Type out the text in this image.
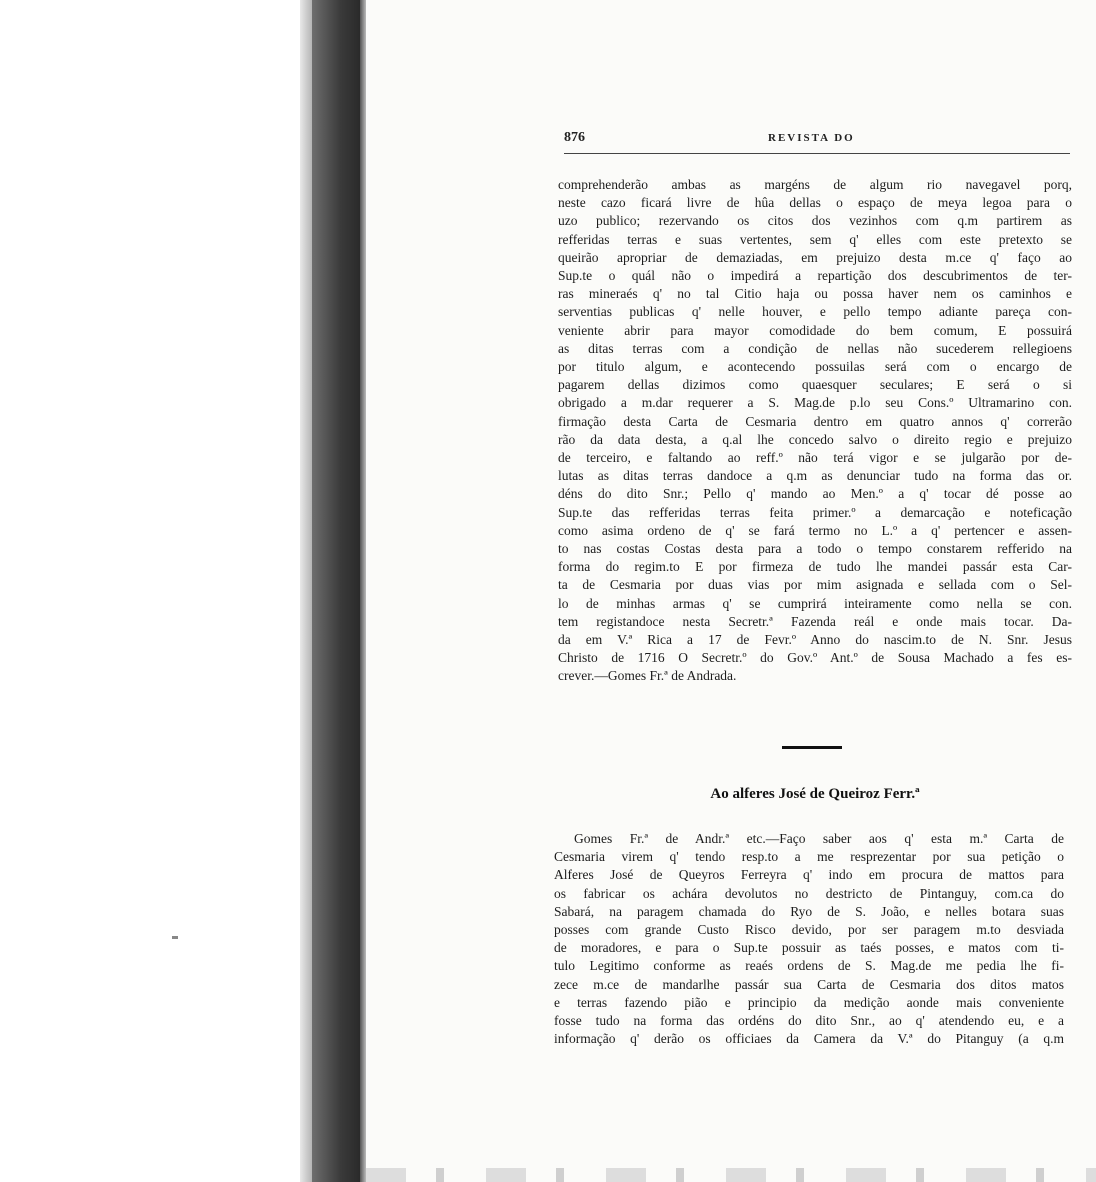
876	REVISTA DO
comprehenderão ambas as margéns de algum rio navegavel porq,
neste cazo ficará livre de hûa dellas o espaço de meya legoa para o
uzo publico; rezervando os citos dos vezinhos com q.m partirem as
refferidas terras e suas vertentes, sem q' elles com este pretexto se
queirão apropriar de demaziadas, em prejuizo desta m.ce q' faço ao
Sup.te o quál não o impedirá a repartição dos descubrimentos de ter-
ras mineraés q' no tal Citio haja ou possa haver nem os caminhos e
serventias publicas q' nelle houver, e pello tempo adiante pareça con-
veniente abrir para mayor comodidade do bem comum, E possuirá
as ditas terras com a condição de nellas não sucederem rellegioens
por titulo algum, e acontecendo possuilas será com o encargo de
pagarem dellas dizimos como quaesquer seculares; E será o si
obrigado a m.dar requerer a S. Mag.de p.lo seu Cons.º Ultramarino con.
firmação desta Carta de Cesmaria dentro em quatro annos q' correrão
rão da data desta, a q.al lhe concedo salvo o direito regio e prejuizo
de terceiro, e faltando ao reff.º não terá vigor e se julgarão por de-
lutas as ditas terras dandoce a q.m as denunciar tudo na forma das or.
déns do dito Snr.; Pello q' mando ao Men.º a q' tocar dé posse ao
Sup.te das refferidas terras feita primer.º a demarcação e noteficação
como asima ordeno de q' se fará termo no L.º a q' pertencer e assen-
to nas costas Costas desta para a todo o tempo constarem refferido na
forma do regim.to E por firmeza de tudo lhe mandei passár esta Car-
ta de Cesmaria por duas vias por mim asignada e sellada com o Sel-
lo de minhas armas q' se cumprirá inteiramente como nella se con.
tem registandoce nesta Secretr.ª Fazenda reál e onde mais tocar. Da-
da em V.ª Rica a 17 de Fevr.º Anno do nascim.to de N. Snr. Jesus
Christo de 1716 O Secretr.º do Gov.º Ant.º de Sousa Machado a fes es-
crever.—Gomes Fr.ª de Andrada.
Ao alferes José de Queiroz Ferr.ª
Gomes Fr.ª de Andr.ª etc.—Faço saber aos q' esta m.ª Carta de
Cesmaria virem q' tendo resp.to a me resprezentar por sua petição o
Alferes José de Queyros Ferreyra q' indo em procura de mattos para
os fabricar os achára devolutos no destricto de Pintanguy, com.ca do
Sabará, na paragem chamada do Ryo de S. João, e nelles botara suas
posses com grande Custo Risco devido, por ser paragem m.to desviada
de moradores, e para o Sup.te possuir as taés posses, e matos com ti-
tulo Legitimo conforme as reaés ordens de S. Mag.de me pedia lhe fi-
zece m.ce de mandarlhe passár sua Carta de Cesmaria dos ditos matos
e terras fazendo pião e principio da medição aonde mais conveniente
fosse tudo na forma das ordéns do dito Snr., ao q' atendendo eu, e a
informação q' derão os officiaes da Camera da V.ª do Pitanguy (a q.m
